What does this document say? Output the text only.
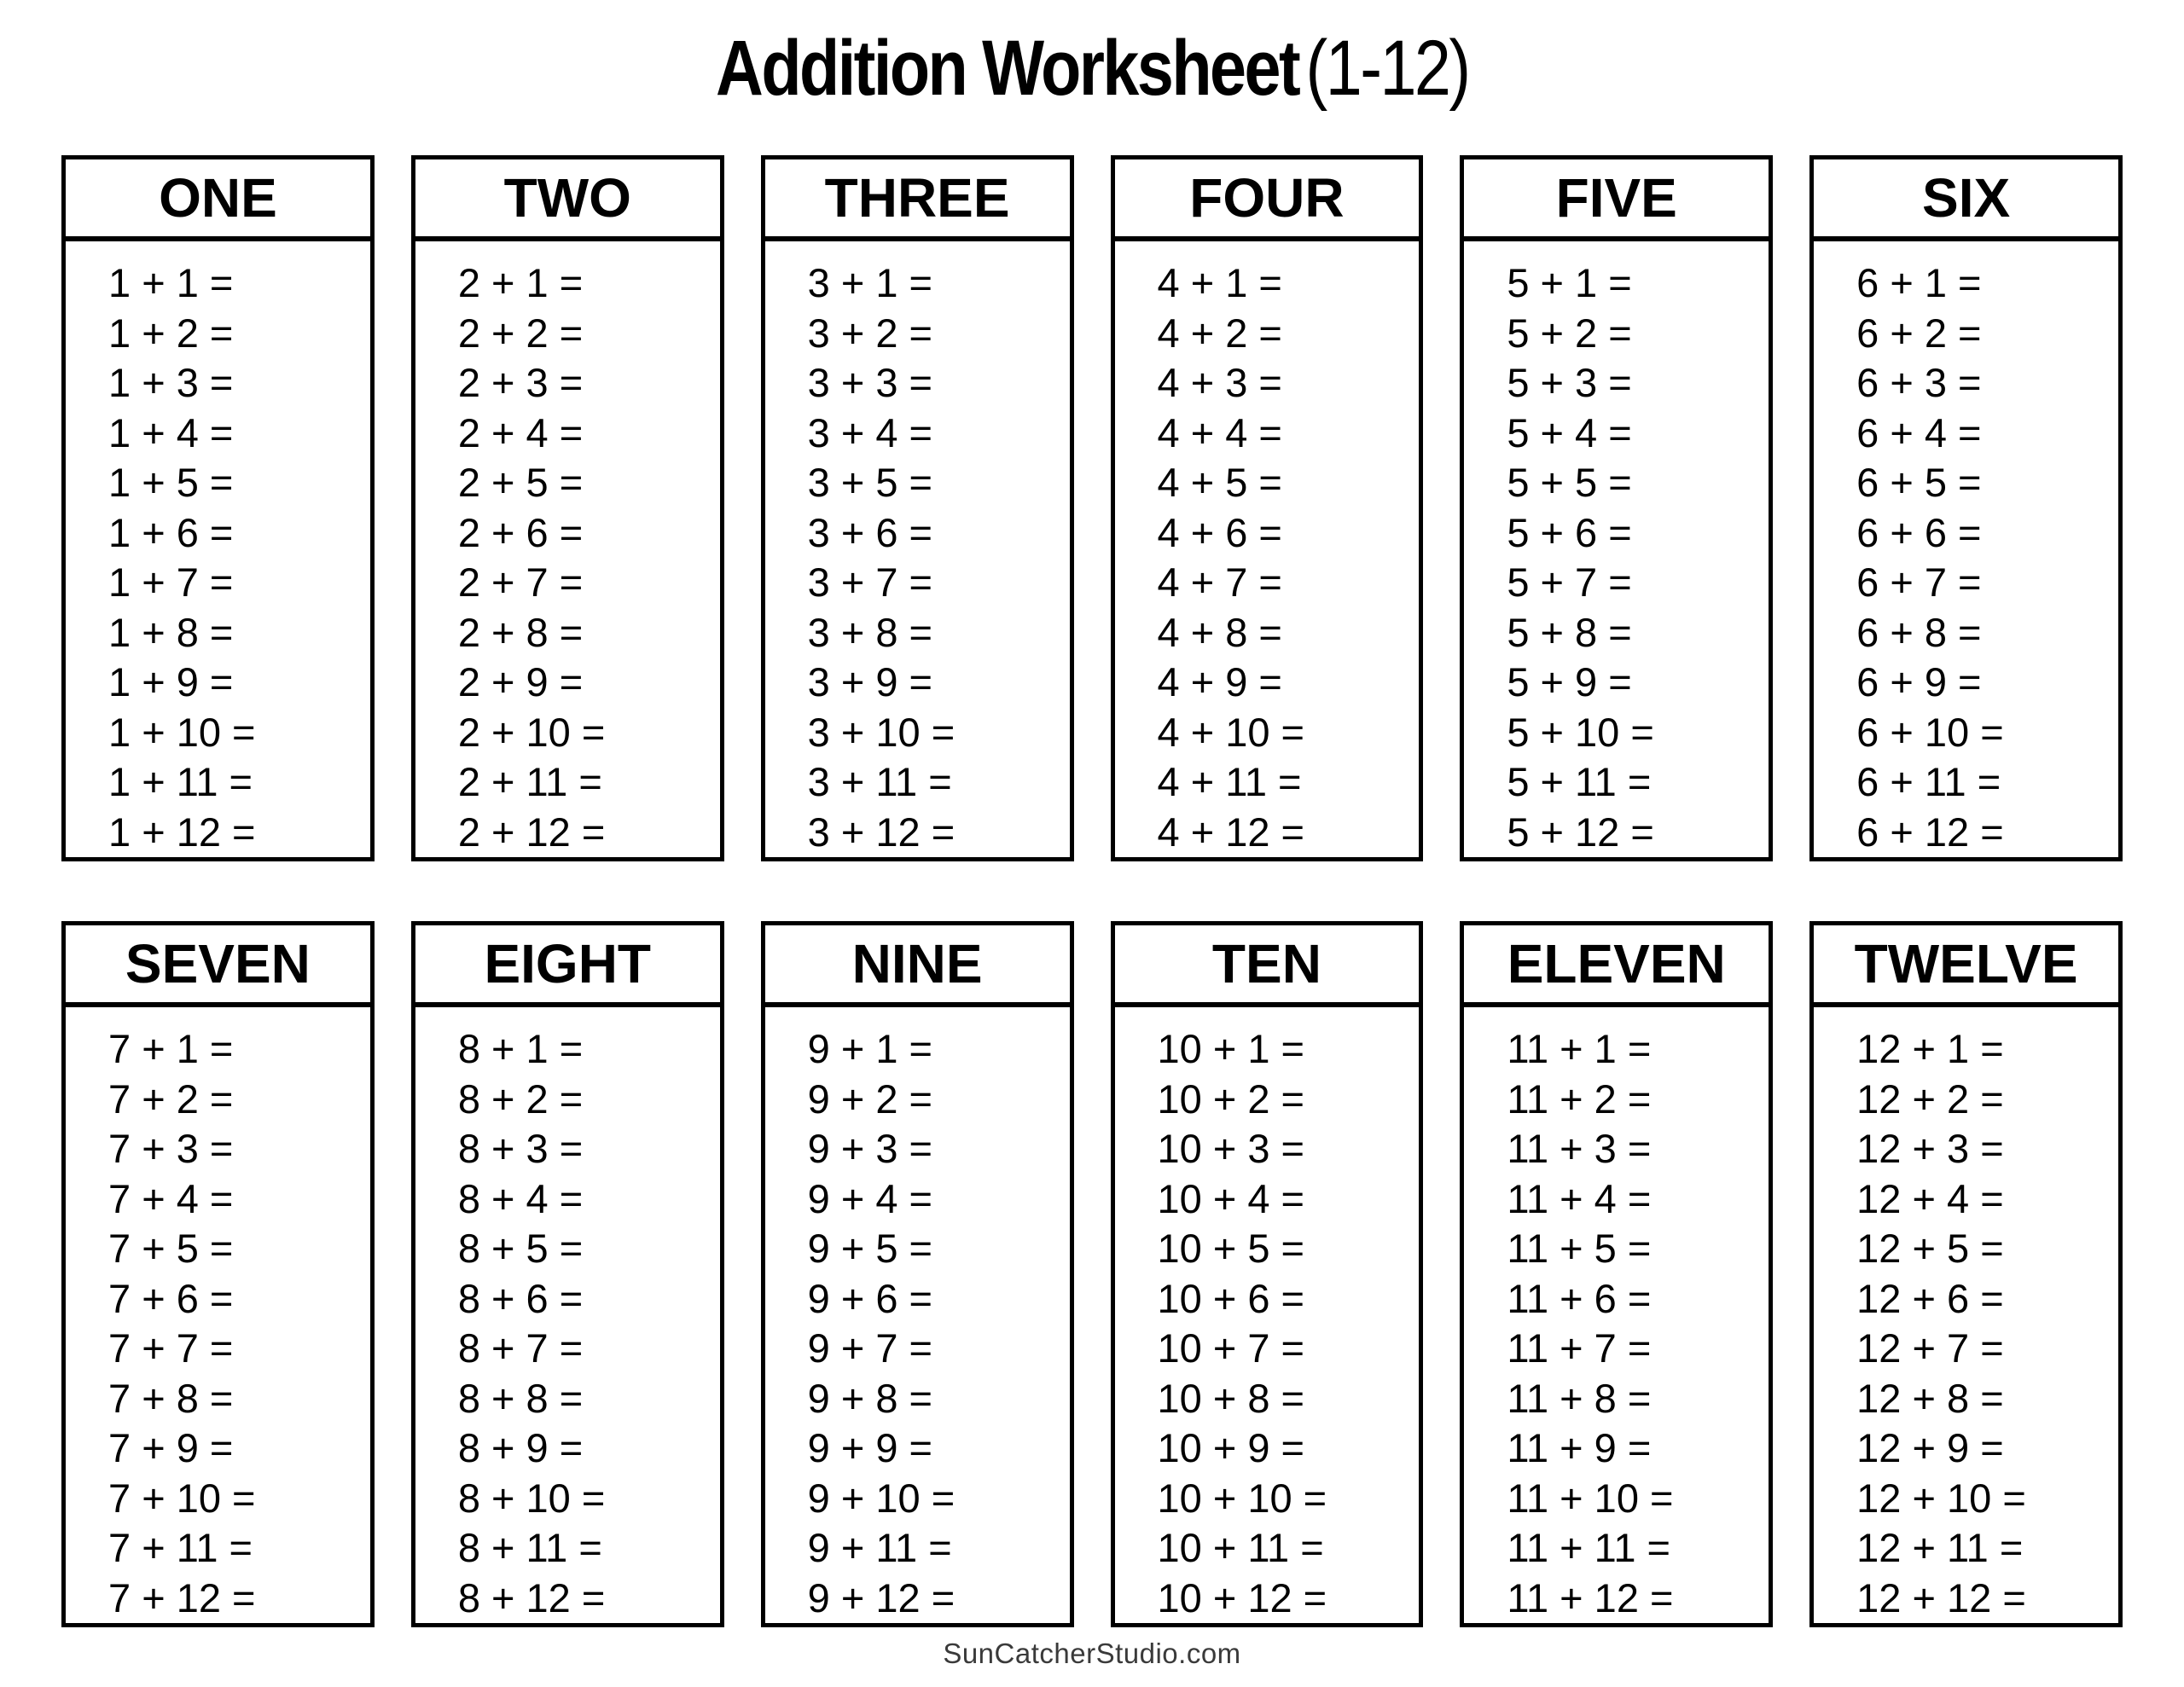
Addition Worksheet(1-12)
ONE
1 + 1 =
1 + 2 =
1 + 3 =
1 + 4 =
1 + 5 =
1 + 6 =
1 + 7 =
1 + 8 =
1 + 9 =
1 + 10 =
1 + 11 =
1 + 12 =
TWO
2 + 1 =
2 + 2 =
2 + 3 =
2 + 4 =
2 + 5 =
2 + 6 =
2 + 7 =
2 + 8 =
2 + 9 =
2 + 10 =
2 + 11 =
2 + 12 =
THREE
3 + 1 =
3 + 2 =
3 + 3 =
3 + 4 =
3 + 5 =
3 + 6 =
3 + 7 =
3 + 8 =
3 + 9 =
3 + 10 =
3 + 11 =
3 + 12 =
FOUR
4 + 1 =
4 + 2 =
4 + 3 =
4 + 4 =
4 + 5 =
4 + 6 =
4 + 7 =
4 + 8 =
4 + 9 =
4 + 10 =
4 + 11 =
4 + 12 =
FIVE
5 + 1 =
5 + 2 =
5 + 3 =
5 + 4 =
5 + 5 =
5 + 6 =
5 + 7 =
5 + 8 =
5 + 9 =
5 + 10 =
5 + 11 =
5 + 12 =
SIX
6 + 1 =
6 + 2 =
6 + 3 =
6 + 4 =
6 + 5 =
6 + 6 =
6 + 7 =
6 + 8 =
6 + 9 =
6 + 10 =
6 + 11 =
6 + 12 =
SEVEN
7 + 1 =
7 + 2 =
7 + 3 =
7 + 4 =
7 + 5 =
7 + 6 =
7 + 7 =
7 + 8 =
7 + 9 =
7 + 10 =
7 + 11 =
7 + 12 =
EIGHT
8 + 1 =
8 + 2 =
8 + 3 =
8 + 4 =
8 + 5 =
8 + 6 =
8 + 7 =
8 + 8 =
8 + 9 =
8 + 10 =
8 + 11 =
8 + 12 =
NINE
9 + 1 =
9 + 2 =
9 + 3 =
9 + 4 =
9 + 5 =
9 + 6 =
9 + 7 =
9 + 8 =
9 + 9 =
9 + 10 =
9 + 11 =
9 + 12 =
TEN
10 + 1 =
10 + 2 =
10 + 3 =
10 + 4 =
10 + 5 =
10 + 6 =
10 + 7 =
10 + 8 =
10 + 9 =
10 + 10 =
10 + 11 =
10 + 12 =
ELEVEN
11 + 1 =
11 + 2 =
11 + 3 =
11 + 4 =
11 + 5 =
11 + 6 =
11 + 7 =
11 + 8 =
11 + 9 =
11 + 10 =
11 + 11 =
11 + 12 =
TWELVE
12 + 1 =
12 + 2 =
12 + 3 =
12 + 4 =
12 + 5 =
12 + 6 =
12 + 7 =
12 + 8 =
12 + 9 =
12 + 10 =
12 + 11 =
12 + 12 =
SunCatcherStudio.com
